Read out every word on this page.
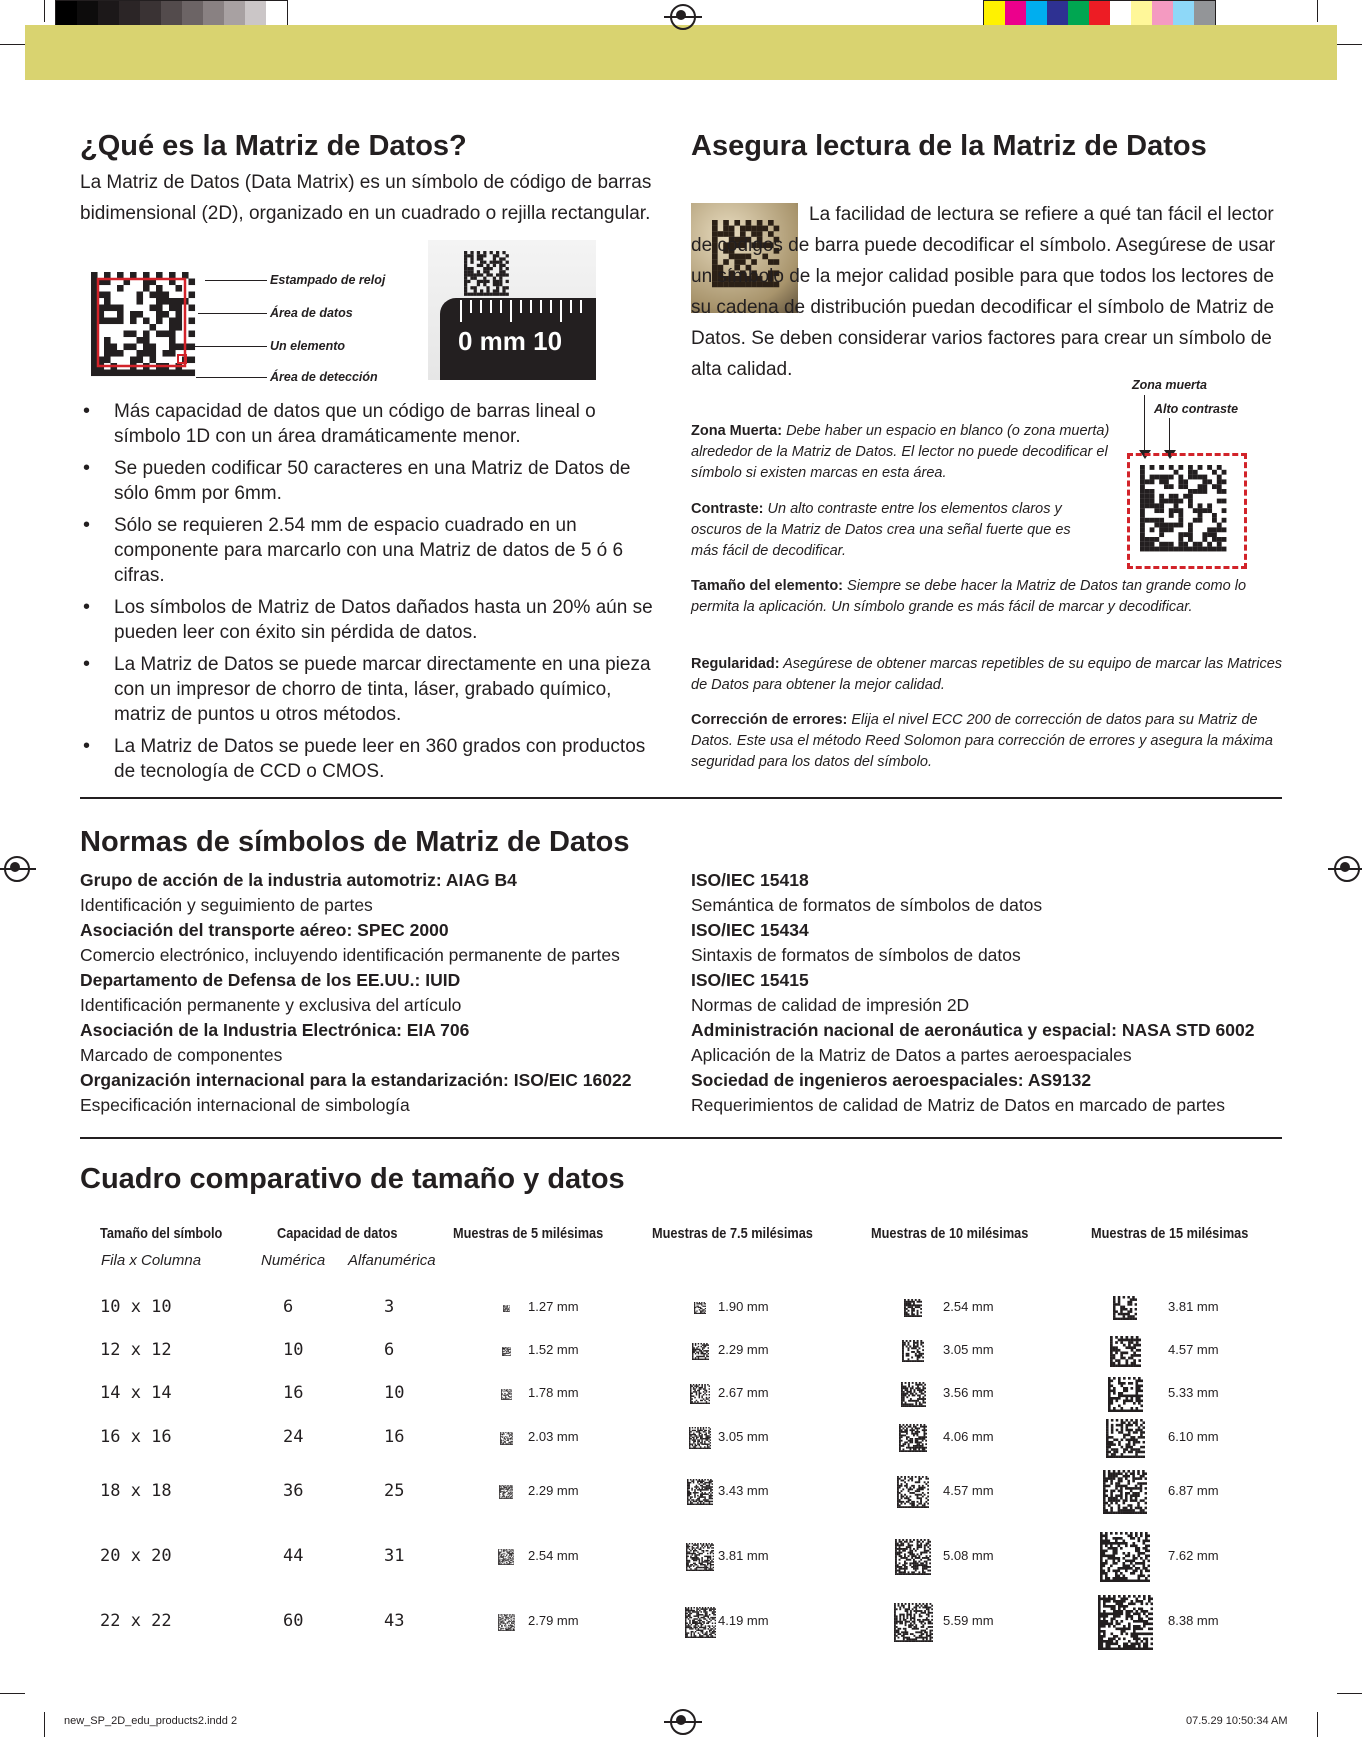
¿Qué es la Matriz de Datos?
La Matriz de Datos (Data Matrix) es un símbolo de código de barras bidimensional (2D), organizado en un cuadrado o rejilla rectangular.
Estampado de reloj
Área de datos
Un elemento
Área de detección
0 mm 10
• Más capacidad de datos que un código de barras lineal o símbolo 1D con un área dramáticamente menor.
• Se pueden codificar 50 caracteres en una Matriz de Datos de sólo 6mm por 6mm.
• Sólo se requieren 2.54 mm de espacio cuadrado en un componente para marcarlo con una Matriz de datos de 5 ó 6 cifras.
• Los símbolos de Matriz de Datos dañados hasta un 20% aún se pueden leer con éxito sin pérdida de datos.
• La Matriz de Datos se puede marcar directamente en una pieza con un impresor de chorro de tinta, láser, grabado químico, matriz de puntos u otros métodos.
• La Matriz de Datos se puede leer en 360 grados con productos de tecnología de CCD o CMOS.
Asegura lectura de la Matriz de Datos
La facilidad de lectura se refiere a qué tan fácil el lector de códigos de barra puede decodificar el símbolo. Asegúrese de usar un símbolo de la mejor calidad posible para que todos los lectores de su cadena de distribución puedan decodificar el símbolo de Matriz de Datos. Se deben considerar varios factores para crear un símbolo de alta calidad.
Zona muerta
Alto contraste
Zona Muerta: Debe haber un espacio en blanco (o zona muerta) alrededor de la Matriz de Datos. El lector no puede decodificar el símbolo si existen marcas en esta área.
Contraste: Un alto contraste entre los elementos claros y oscuros de la Matriz de Datos crea una señal fuerte que es más fácil de decodificar.
Tamaño del elemento: Siempre se debe hacer la Matriz de Datos tan grande como lo permita la aplicación. Un símbolo grande es más fácil de marcar y decodificar.
Regularidad: Asegúrese de obtener marcas repetibles de su equipo de marcar las Matrices de Datos para obtener la mejor calidad.
Corrección de errores: Elija el nivel ECC 200 de corrección de datos para su Matriz de Datos. Este usa el método Reed Solomon para corrección de errores y asegura la máxima seguridad para los datos del símbolo.
Normas de símbolos de Matriz de Datos
Grupo de acción de la industria automotriz: AIAG B4
Identificación y seguimiento de partes
Asociación del transporte aéreo: SPEC 2000
Comercio electrónico, incluyendo identificación permanente de partes
Departamento de Defensa de los EE.UU.: IUID
Identificación permanente y exclusiva del artículo
Asociación de la Industria Electrónica: EIA 706
Marcado de componentes
Organización internacional para la estandarización: ISO/EIC 16022
Especificación internacional de simbología
ISO/IEC 15418
Semántica de formatos de símbolos de datos
ISO/IEC 15434
Sintaxis de formatos de símbolos de datos
ISO/IEC 15415
Normas de calidad de impresión 2D
Administración nacional de aeronáutica y espacial: NASA STD 6002
Aplicación de la Matriz de Datos a partes aeroespaciales
Sociedad de ingenieros aeroespaciales: AS9132
Requerimientos de calidad de Matriz de Datos en marcado de partes
Cuadro comparativo de tamaño y datos
Tamaño del símbolo	Capacidad de datos	Muestras de 5 milésimas	Muestras de 7.5 milésimas	Muestras de 10 milésimas	Muestras de 15 milésimas
Fila x Columna	Numérica Alfanumérica
10 x 10	6	3	1.27 mm	1.90 mm	2.54 mm	3.81 mm
12 x 12	10	6	1.52 mm	2.29 mm	3.05 mm	4.57 mm
14 x 14	16	10	1.78 mm	2.67 mm	3.56 mm	5.33 mm
16 x 16	24	16	2.03 mm	3.05 mm	4.06 mm	6.10 mm
18 x 18	36	25	2.29 mm	3.43 mm	4.57 mm	6.87 mm
20 x 20	44	31	2.54 mm	3.81 mm	5.08 mm	7.62 mm
22 x 22	60	43	2.79 mm	4.19 mm	5.59 mm	8.38 mm
new_SP_2D_edu_products2.indd 2	07.5.29 10:50:34 AM
